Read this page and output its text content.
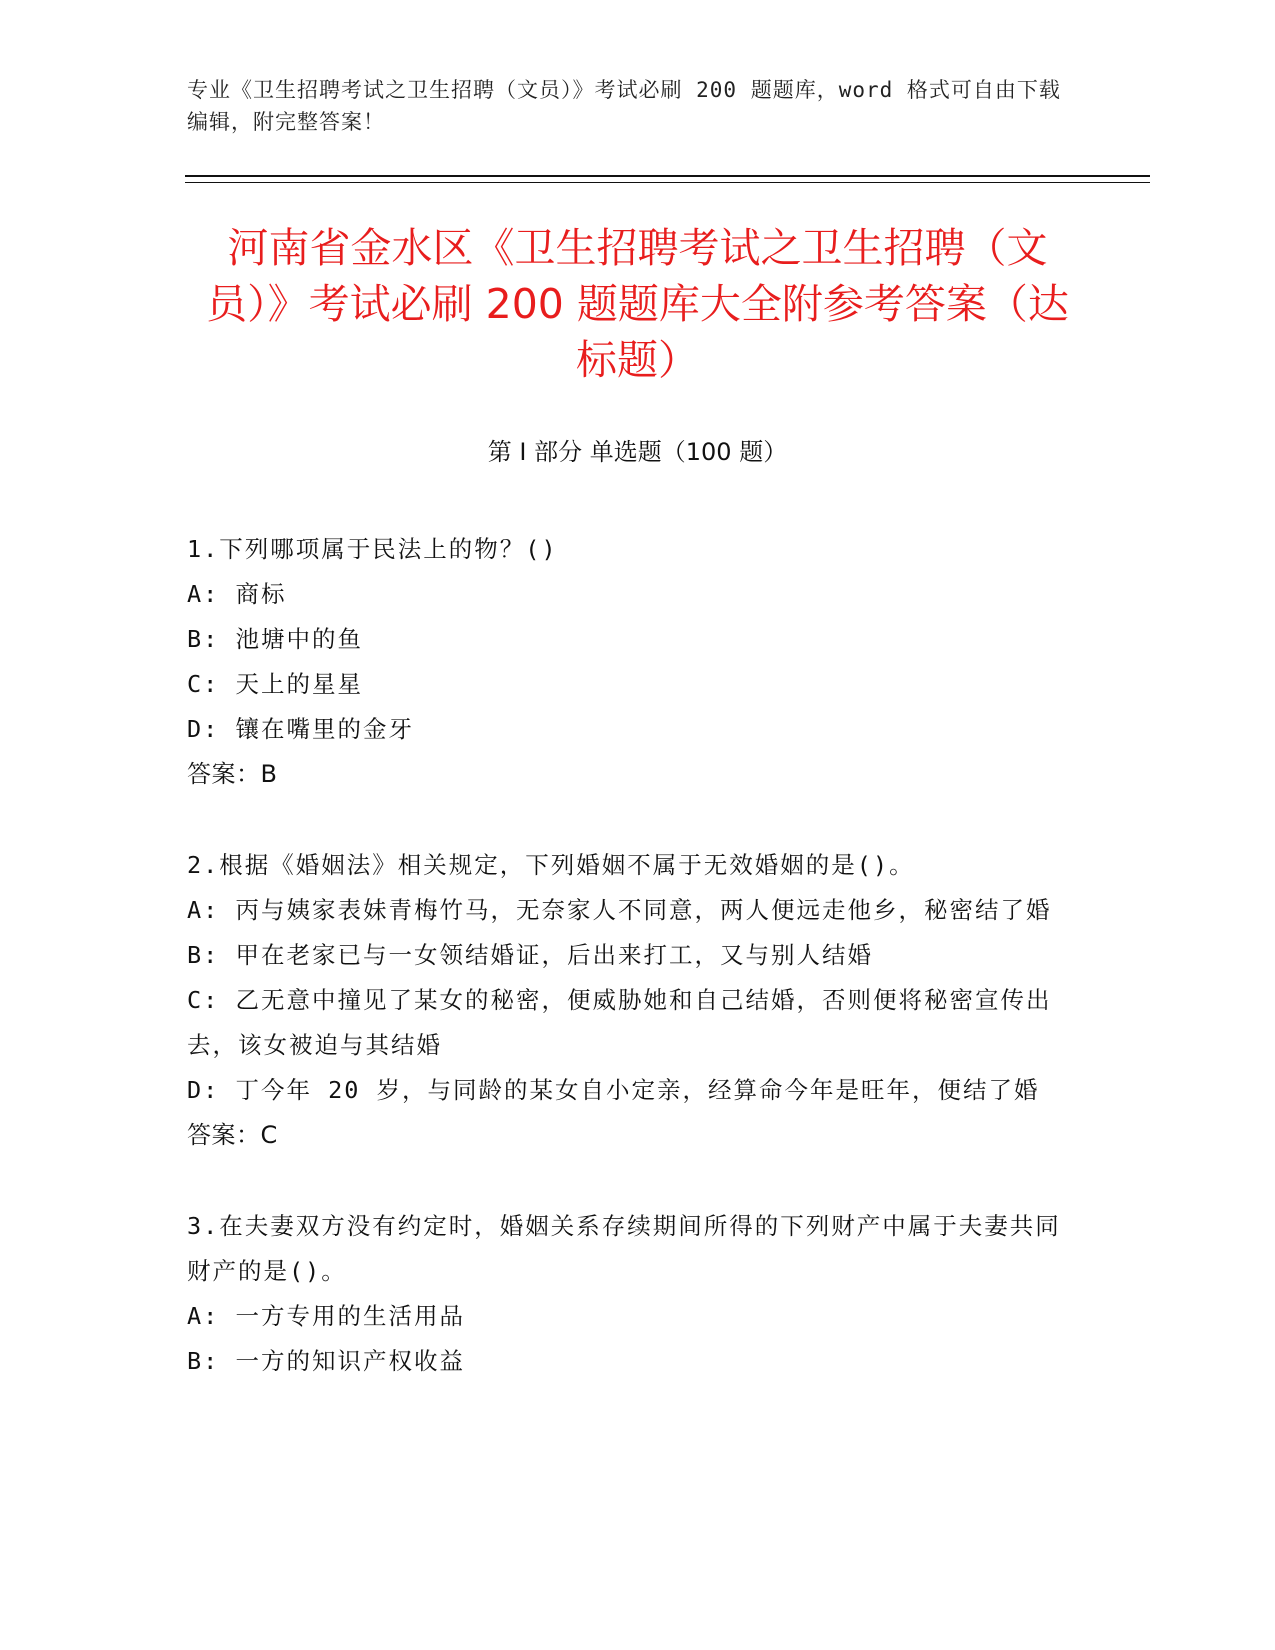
专业《卫生招聘考试之卫生招聘（文员）》考试必刷 200 题题库，word 格式可自由下载编辑，附完整答案！
河南省金水区《卫生招聘考试之卫生招聘（文员）》考试必刷 200 题题库大全附参考答案（达标题）
第 I 部分 单选题（100 题）

1.下列哪项属于民法上的物？()

A: 商标

B: 池塘中的鱼

C: 天上的星星

D: 镶在嘴里的金牙

答案：B

2.根据《婚姻法》相关规定，下列婚姻不属于无效婚姻的是()。

A: 丙与姨家表妹青梅竹马，无奈家人不同意，两人便远走他乡，秘密结了婚

B: 甲在老家已与一女领结婚证，后出来打工，又与别人结婚

C: 乙无意中撞见了某女的秘密，便威胁她和自己结婚，否则便将秘密宣传出去，该女被迫与其结婚

D: 丁今年 20 岁，与同龄的某女自小定亲，经算命今年是旺年，便结了婚

答案：C

3.在夫妻双方没有约定时，婚姻关系存续期间所得的下列财产中属于夫妻共同财产的是()。

A: 一方专用的生活用品

B: 一方的知识产权收益
